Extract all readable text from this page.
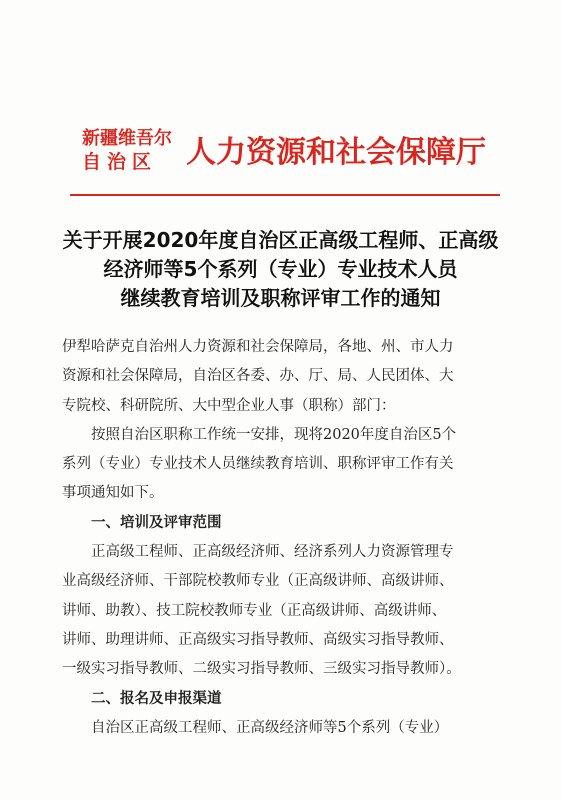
新疆维吾尔
自治区 人力资源和社会保障厅
关于开展2020年度自治区正高级工程师、正高级
经济师等5个系列（专业）专业技术人员
继续教育培训及职称评审工作的通知

伊犁哈萨克自治州人力资源和社会保障局，各地、州、市人力
资源和社会保障局，自治区各委、办、厅、局、人民团体、大
专院校、科研院所、大中型企业人事（职称）部门：

按照自治区职称工作统一安排，现将2020年度自治区5个
系列（专业）专业技术人员继续教育培训、职称评审工作有关
事项通知如下。

一、培训及评审范围
正高级工程师、正高级经济师、经济系列人力资源管理专
业高级经济师、干部院校教师专业（正高级讲师、高级讲师、
讲师、助教）、技工院校教师专业（正高级讲师、高级讲师、
讲师、助理讲师、正高级实习指导教师、高级实习指导教师、
一级实习指导教师、二级实习指导教师、三级实习指导教师）。

二、报名及申报渠道
自治区正高级工程师、正高级经济师等5个系列（专业）
